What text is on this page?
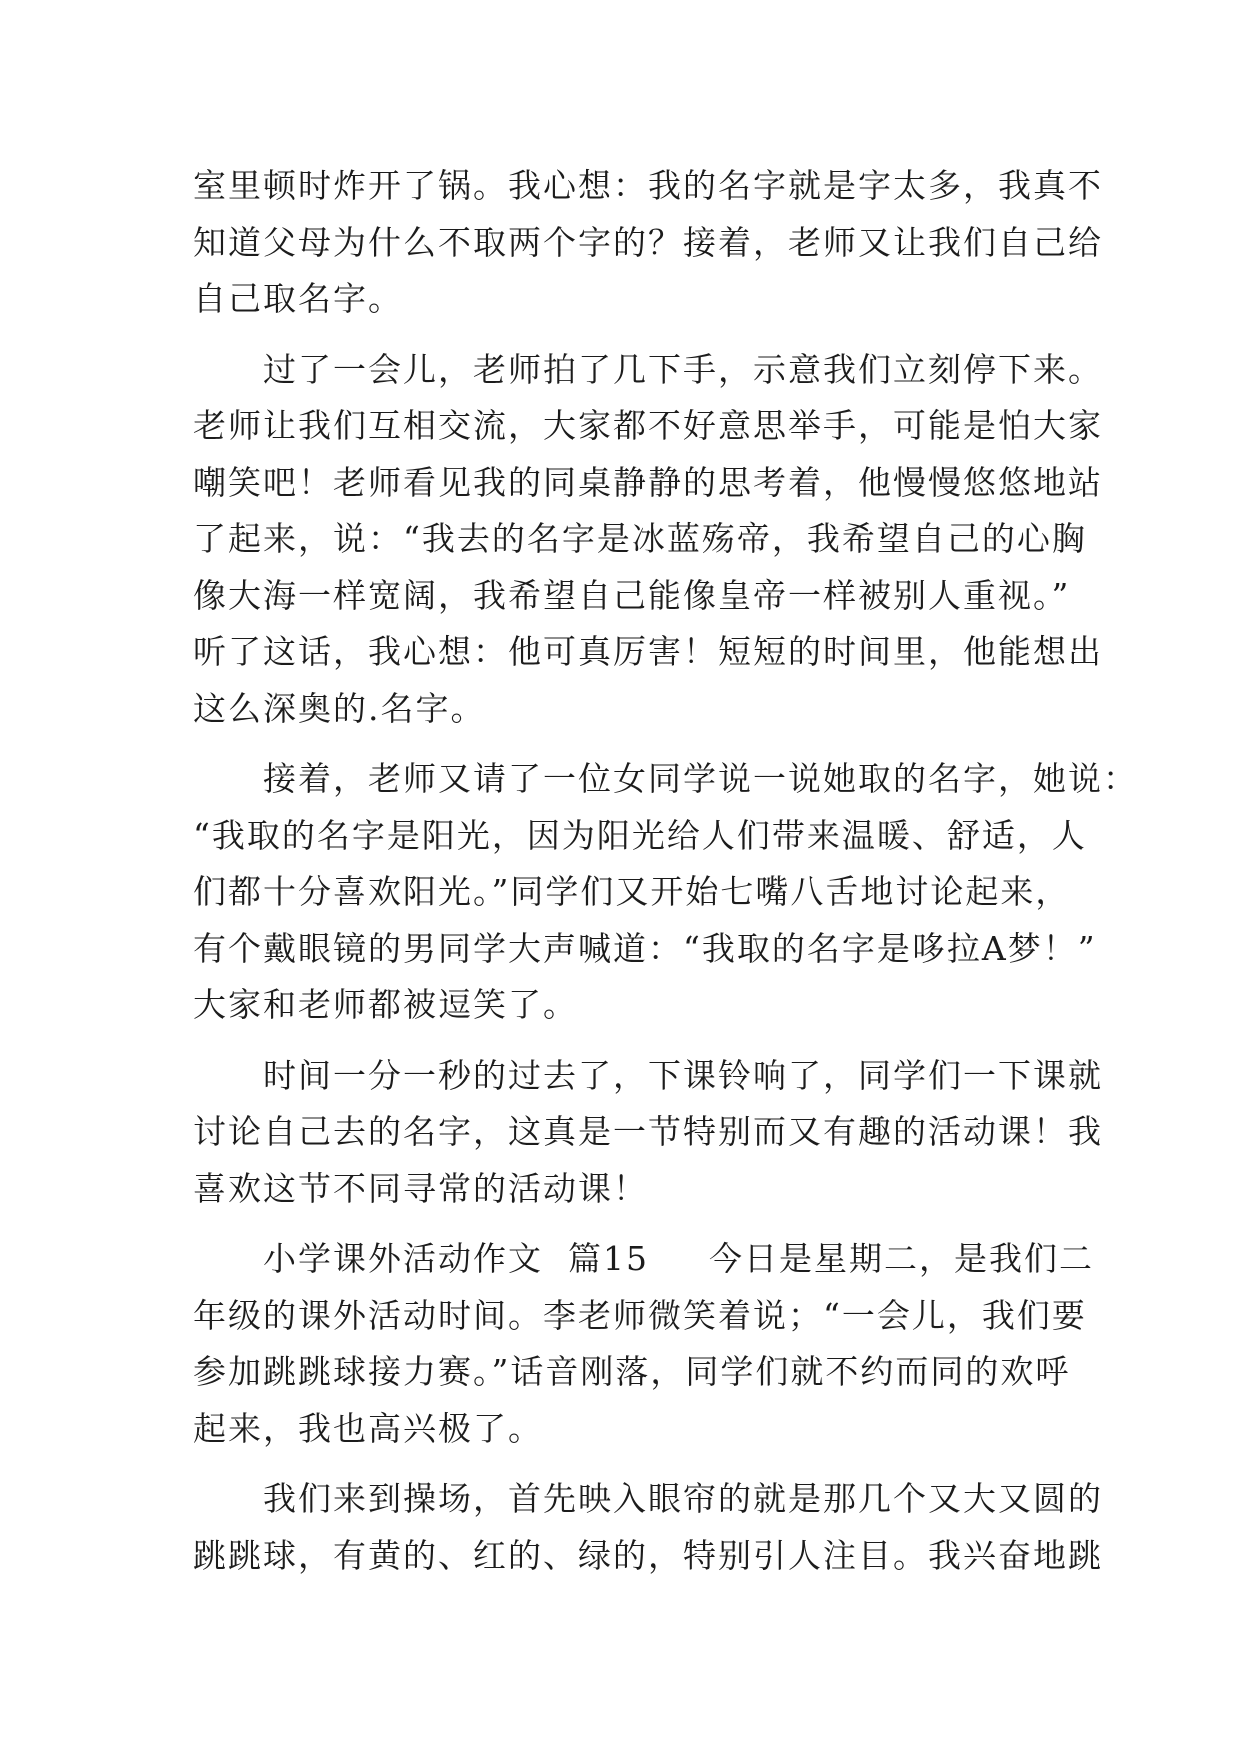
室里顿时炸开了锅。我心想：我的名字就是字太多，我真不
知道父母为什么不取两个字的？接着，老师又让我们自己给
自己取名字。
　　过了一会儿，老师拍了几下手，示意我们立刻停下来。
老师让我们互相交流，大家都不好意思举手，可能是怕大家
嘲笑吧！老师看见我的同桌静静的思考着，他慢慢悠悠地站
了起来，说：“我去的名字是冰蓝殇帝，我希望自己的心胸
像大海一样宽阔，我希望自己能像皇帝一样被别人重视。”
听了这话，我心想：他可真厉害！短短的时间里，他能想出
这么深奥的.名字。
　　接着，老师又请了一位女同学说一说她取的名字，她说：
“我取的名字是阳光，因为阳光给人们带来温暖、舒适，人
们都十分喜欢阳光。”同学们又开始七嘴八舌地讨论起来，
有个戴眼镜的男同学大声喊道：“我取的名字是哆拉A梦！”
大家和老师都被逗笑了。
　　时间一分一秒的过去了，下课铃响了，同学们一下课就
讨论自己去的名字，这真是一节特别而又有趣的活动课！我
喜欢这节不同寻常的活动课！
　　小学课外活动作文  篇15  　今日是星期二，是我们二
年级的课外活动时间。李老师微笑着说；“一会儿，我们要
参加跳跳球接力赛。”话音刚落，同学们就不约而同的欢呼
起来，我也高兴极了。
　　我们来到操场，首先映入眼帘的就是那几个又大又圆的
跳跳球，有黄的、红的、绿的，特别引人注目。我兴奋地跳
